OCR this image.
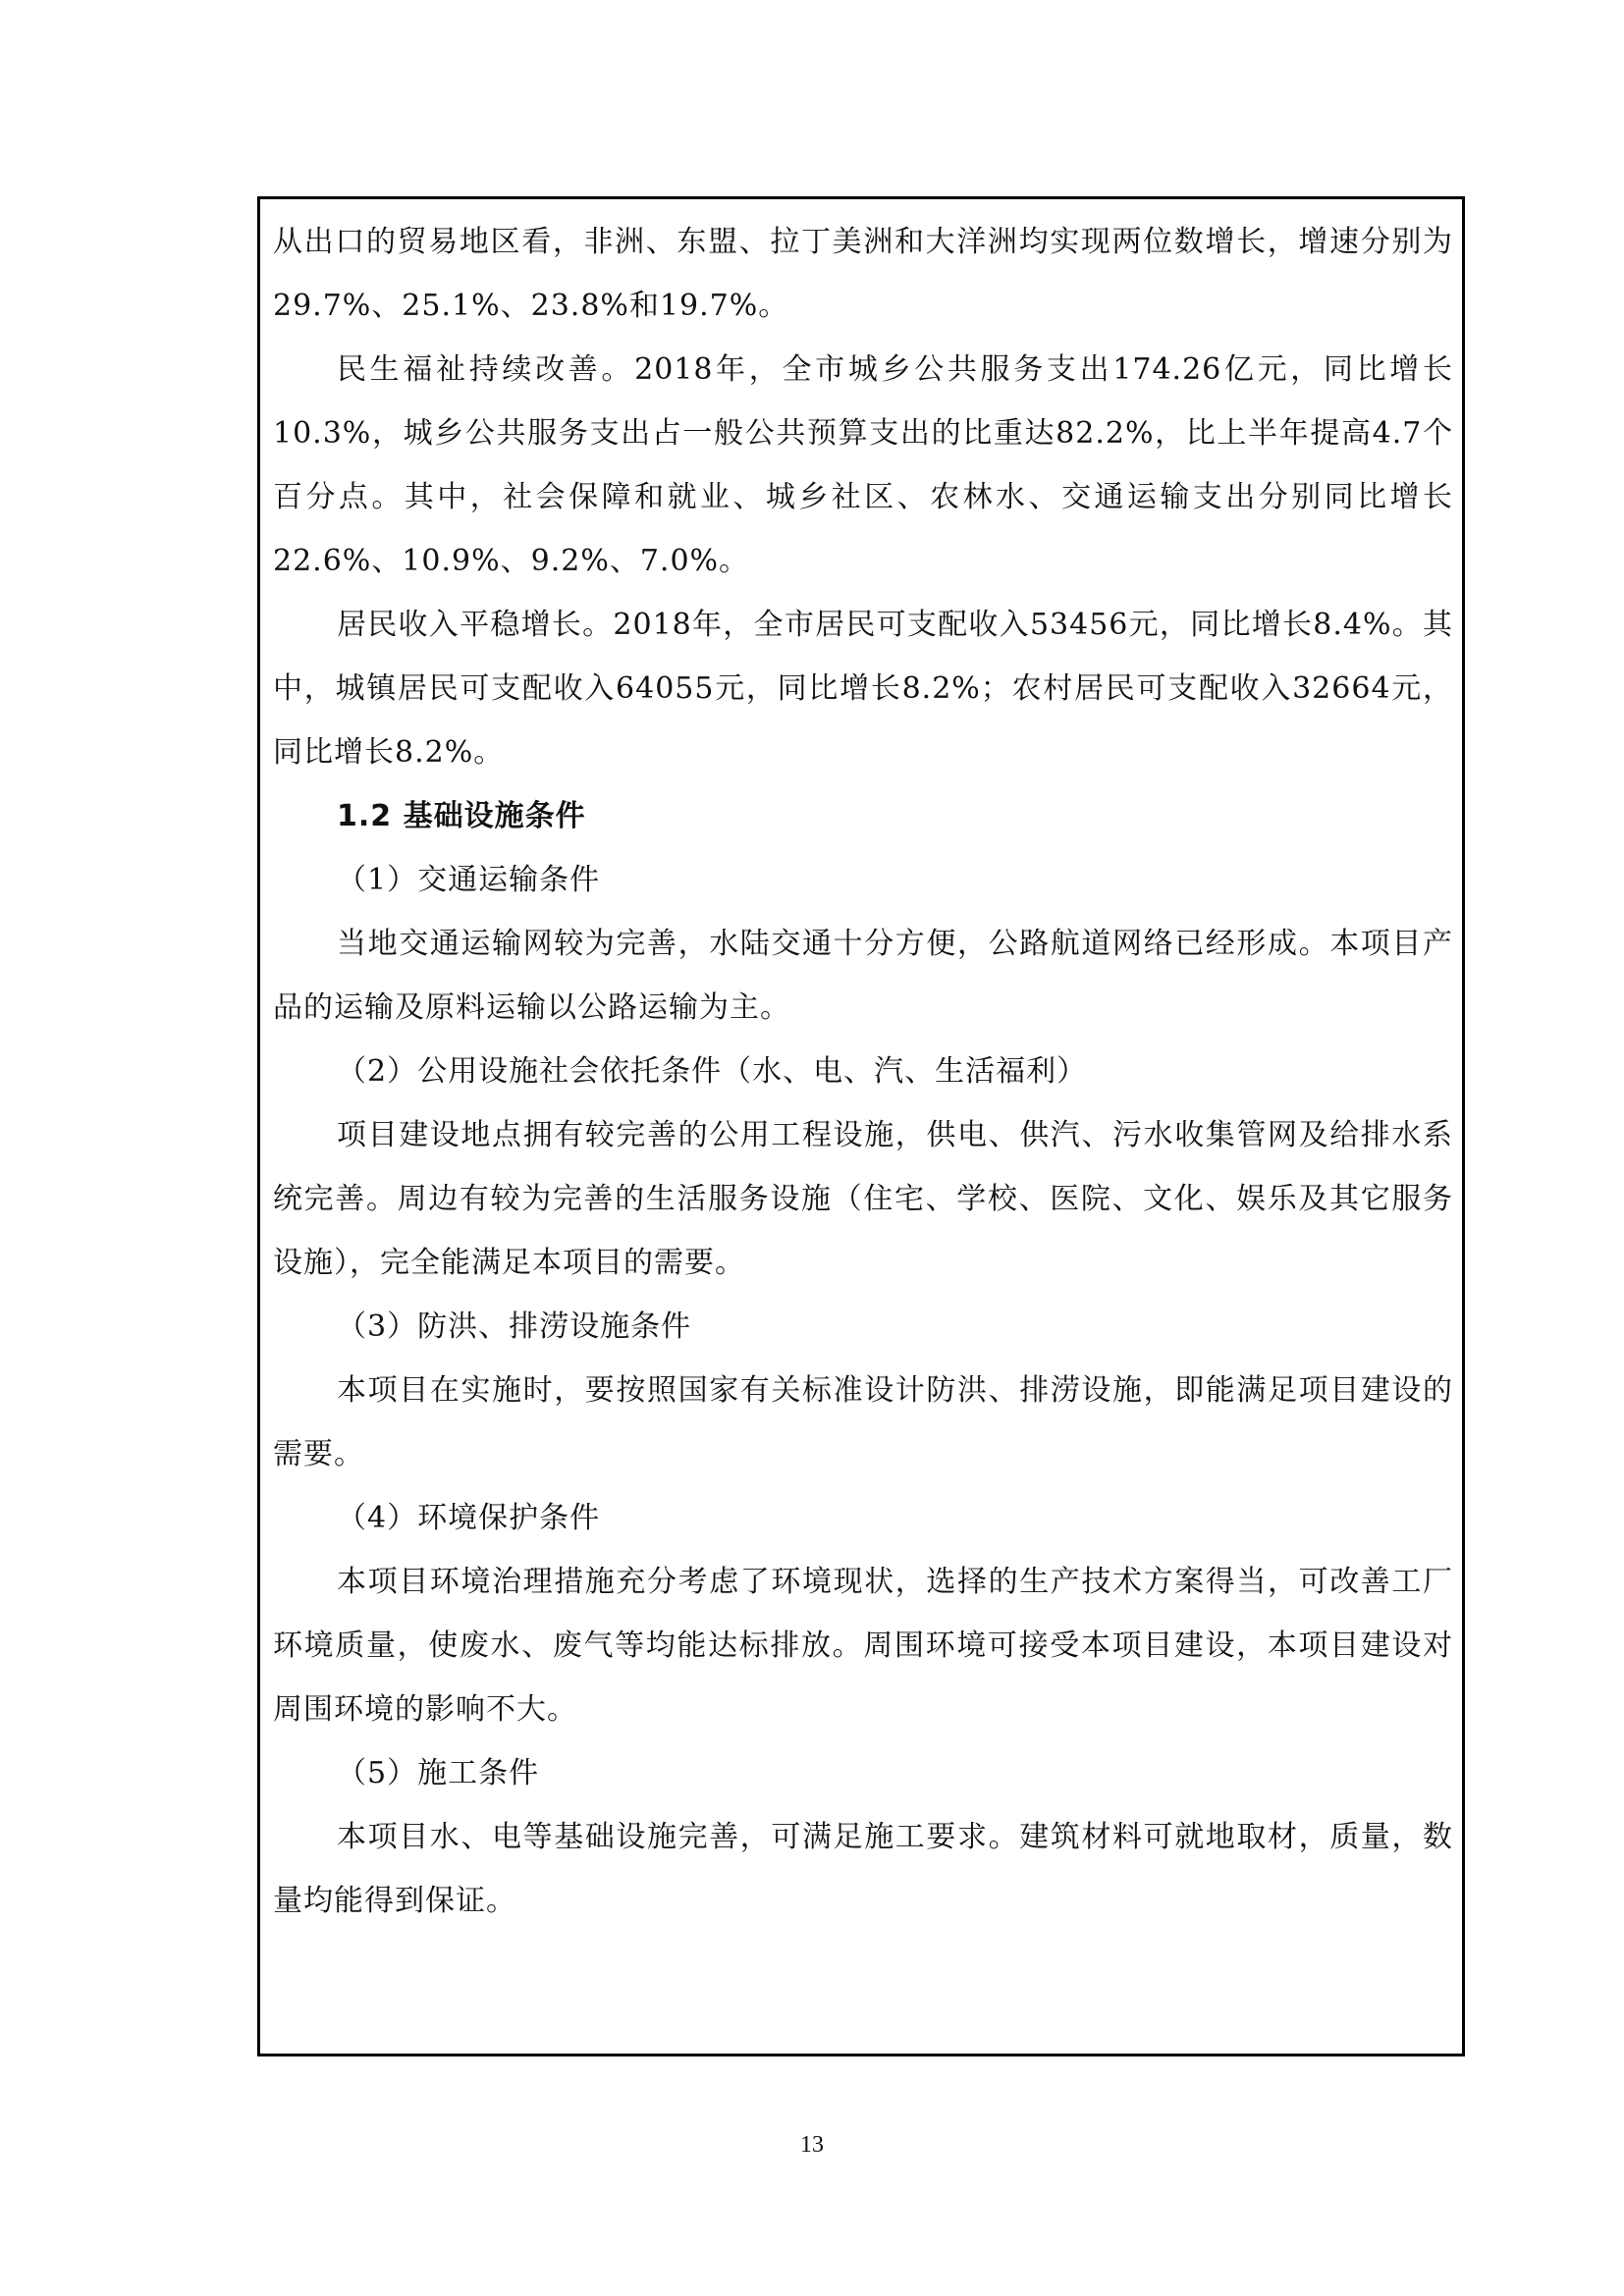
从出口的贸易地区看，非洲、东盟、拉丁美洲和大洋洲均实现两位数增长，增速分别为29.7%、25.1%、23.8%和19.7%。

民生福祉持续改善。2018年，全市城乡公共服务支出174.26亿元，同比增长10.3%，城乡公共服务支出占一般公共预算支出的比重达82.2%，比上半年提高4.7个百分点。其中，社会保障和就业、城乡社区、农林水、交通运输支出分别同比增长22.6%、10.9%、9.2%、7.0%。

居民收入平稳增长。2018年，全市居民可支配收入53456元，同比增长8.4%。其中，城镇居民可支配收入64055元，同比增长8.2%；农村居民可支配收入32664元，同比增长8.2%。

1.2 基础设施条件

（1）交通运输条件

当地交通运输网较为完善，水陆交通十分方便，公路航道网络已经形成。本项目产品的运输及原料运输以公路运输为主。

（2）公用设施社会依托条件（水、电、汽、生活福利）

项目建设地点拥有较完善的公用工程设施，供电、供汽、污水收集管网及给排水系统完善。周边有较为完善的生活服务设施（住宅、学校、医院、文化、娱乐及其它服务设施），完全能满足本项目的需要。

（3）防洪、排涝设施条件

本项目在实施时，要按照国家有关标准设计防洪、排涝设施，即能满足项目建设的需要。

（4）环境保护条件

本项目环境治理措施充分考虑了环境现状，选择的生产技术方案得当，可改善工厂环境质量，使废水、废气等均能达标排放。周围环境可接受本项目建设，本项目建设对周围环境的影响不大。

（5）施工条件

本项目水、电等基础设施完善，可满足施工要求。建筑材料可就地取材，质量，数量均能得到保证。

13
